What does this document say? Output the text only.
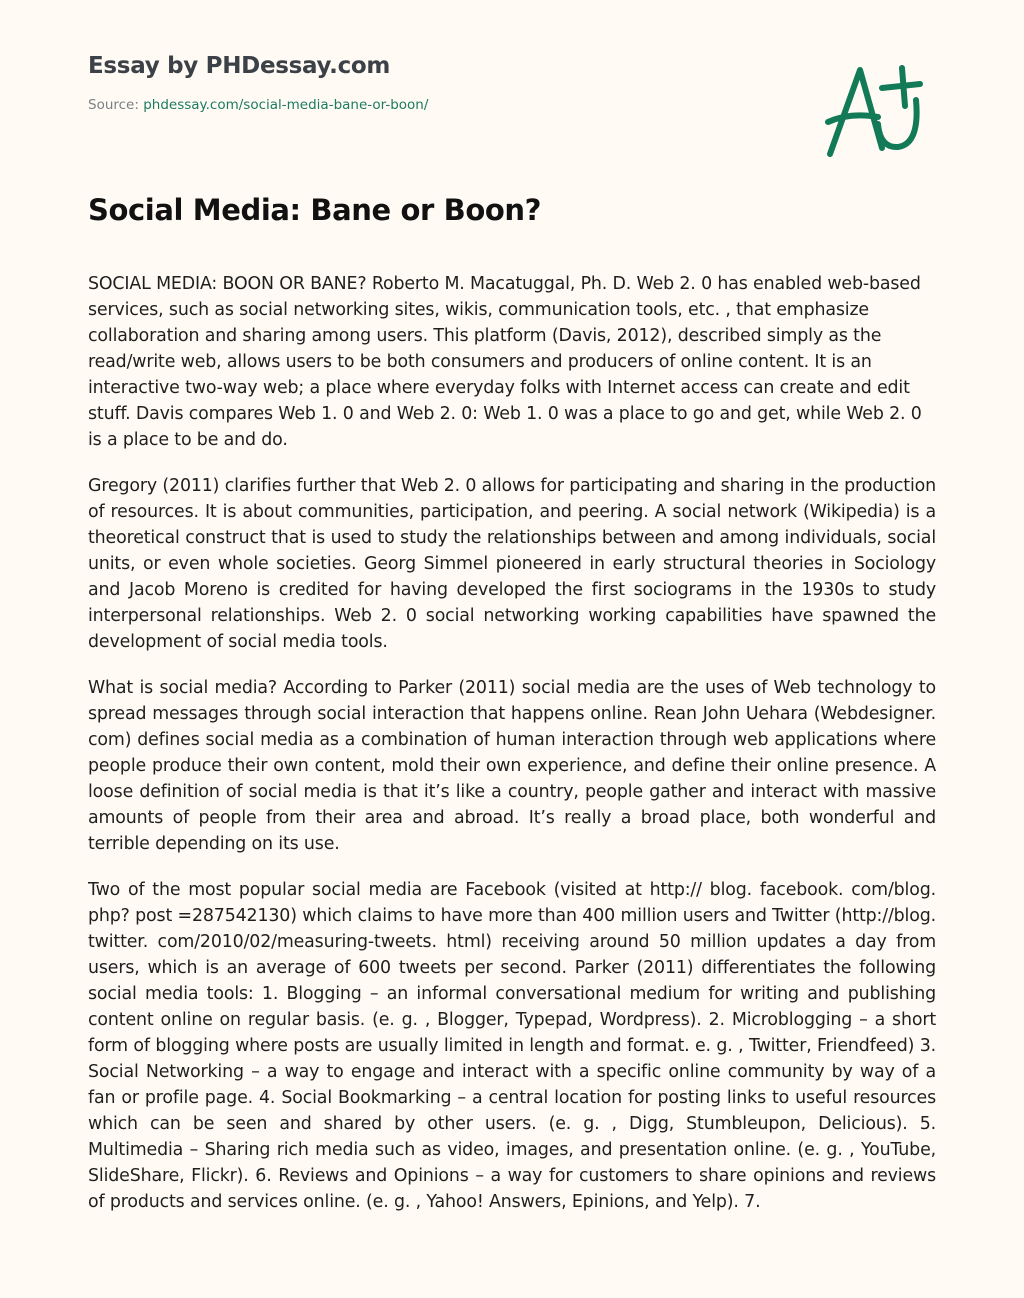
Essay by PHDessay.com
Source: phdessay.com/social-media-bane-or-boon/
Social Media: Bane or Boon?

SOCIAL MEDIA: BOON OR BANE? Roberto M. Macatuggal, Ph. D. Web 2. 0 has enabled web-based services, such as social networking sites, wikis, communication tools, etc. , that emphasize collaboration and sharing among users. This platform (Davis, 2012), described simply as the read/write web, allows users to be both consumers and producers of online content. It is an interactive two-way web; a place where everyday folks with Internet access can create and edit stuff. Davis compares Web 1. 0 and Web 2. 0: Web 1. 0 was a place to go and get, while Web 2. 0 is a place to be and do.

Gregory (2011) clarifies further that Web 2. 0 allows for participating and sharing in the production of resources. It is about communities, participation, and peering. A social network (Wikipedia) is a theoretical construct that is used to study the relationships between and among individuals, social units, or even whole societies. Georg Simmel pioneered in early structural theories in Sociology and Jacob Moreno is credited for having developed the first sociograms in the 1930s to study interpersonal relationships. Web 2. 0 social networking working capabilities have spawned the development of social media tools.

What is social media? According to Parker (2011) social media are the uses of Web technology to spread messages through social interaction that happens online. Rean John Uehara (Webdesigner. com) defines social media as a combination of human interaction through web applications where people produce their own content, mold their own experience, and define their online presence. A loose definition of social media is that it’s like a country, people gather and interact with massive amounts of people from their area and abroad. It’s really a broad place, both wonderful and terrible depending on its use.

Two of the most popular social media are Facebook (visited at http:// blog. facebook. com/blog. php? post =287542130) which claims to have more than 400 million users and Twitter (http://blog. twitter. com/2010/02/measuring-tweets. html) receiving around 50 million updates a day from users, which is an average of 600 tweets per second. Parker (2011) differentiates the following social media tools: 1. Blogging – an informal conversational medium for writing and publishing content online on regular basis. (e. g. , Blogger, Typepad, Wordpress). 2. Microblogging – a short form of blogging where posts are usually limited in length and format. e. g. , Twitter, Friendfeed) 3. Social Networking – a way to engage and interact with a specific online community by way of a fan or profile page. 4. Social Bookmarking – a central location for posting links to useful resources which can be seen and shared by other users. (e. g. , Digg, Stumbleupon, Delicious). 5. Multimedia – Sharing rich media such as video, images, and presentation online. (e. g. , YouTube, SlideShare, Flickr). 6. Reviews and Opinions – a way for customers to share opinions and reviews of products and services online. (e. g. , Yahoo! Answers, Epinions, and Yelp). 7.
